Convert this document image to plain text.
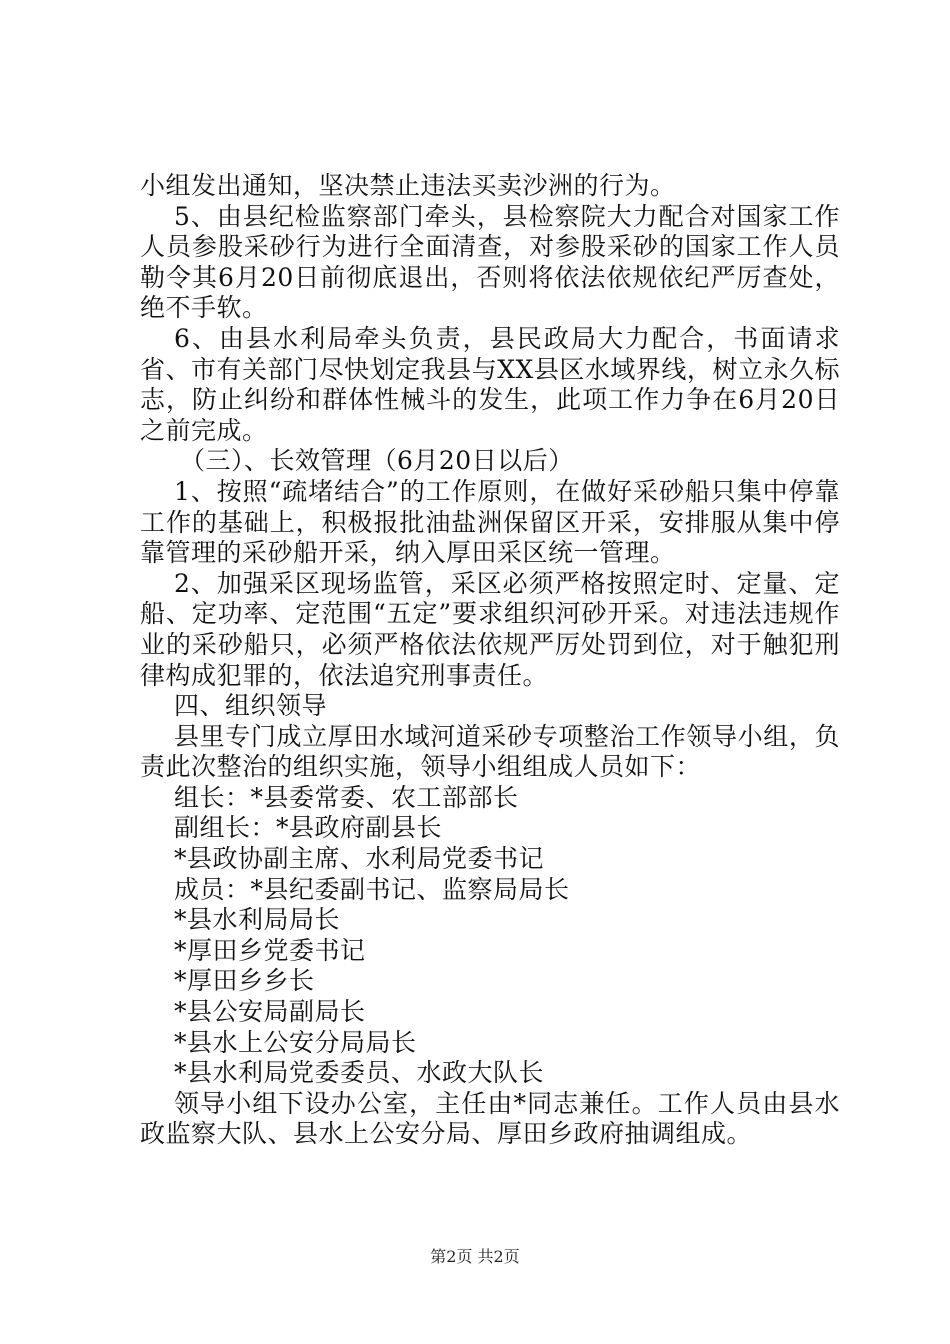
小组发出通知，坚决禁止违法买卖沙洲的行为。

5、由县纪检监察部门牵头，县检察院大力配合对国家工作人员参股采砂行为进行全面清查，对参股采砂的国家工作人员勒令其6月20日前彻底退出，否则将依法依规依纪严厉查处，绝不手软。

6、由县水利局牵头负责，县民政局大力配合，书面请求省、市有关部门尽快划定我县与XX县区水域界线，树立永久标志，防止纠纷和群体性械斗的发生，此项工作力争在6月20日之前完成。

（三）、长效管理（6月20日以后）

1、按照“疏堵结合”的工作原则，在做好采砂船只集中停靠工作的基础上，积极报批油盐洲保留区开采，安排服从集中停靠管理的采砂船开采，纳入厚田采区统一管理。

2、加强采区现场监管，采区必须严格按照定时、定量、定船、定功率、定范围“五定”要求组织河砂开采。对违法违规作业的采砂船只，必须严格依法依规严厉处罚到位，对于触犯刑律构成犯罪的，依法追究刑事责任。

四、组织领导

县里专门成立厚田水域河道采砂专项整治工作领导小组，负责此次整治的组织实施，领导小组组成人员如下：

组长：*县委常委、农工部部长

副组长：*县政府副县长

*县政协副主席、水利局党委书记

成员：*县纪委副书记、监察局局长

*县水利局局长

*厚田乡党委书记

*厚田乡乡长

*县公安局副局长

*县水上公安分局局长

*县水利局党委委员、水政大队长

领导小组下设办公室，主任由*同志兼任。工作人员由县水政监察大队、县水上公安分局、厚田乡政府抽调组成。

第2页 共2页
